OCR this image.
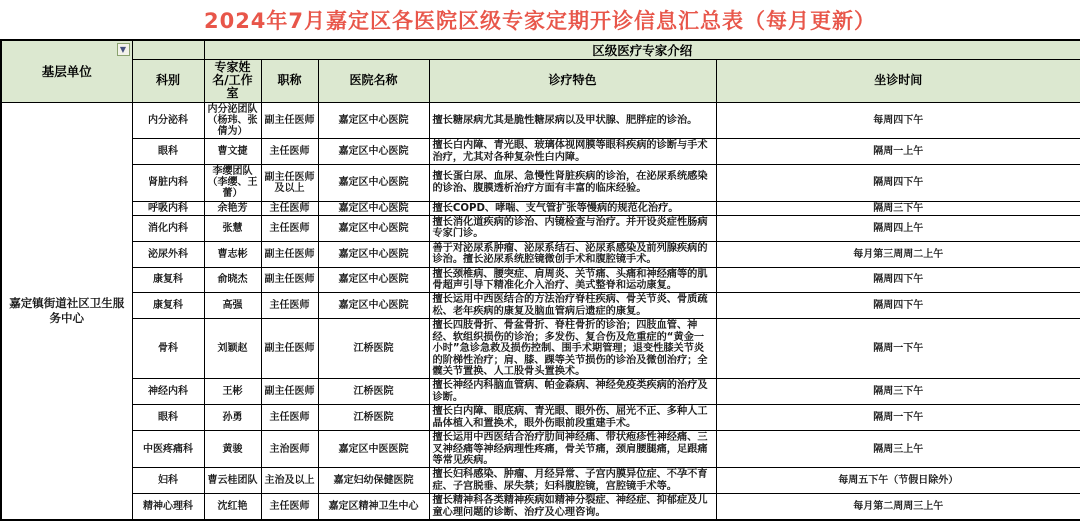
2024年7月嘉定区各医院区级专家定期开诊信息汇总表（每月更新）
基层单位
▼		区级医疗专家介绍				
	科别	专家姓名/工作室	职称	医院名称	诊疗特色	坐诊时间
嘉定镇街道社区卫生服务中心	内分泌科	内分泌团队（杨玮、张倩为）	副主任医师	嘉定区中心医院	擅长糖尿病尤其是脆性糖尿病以及甲状腺、肥胖症的诊治。	每周四下午
	眼科	曹文捷	主任医师	嘉定区中心医院	擅长白内障、青光眼、玻璃体视网膜等眼科疾病的诊断与手术治疗，尤其对各种复杂性白内障。	隔周一上午
	肾脏内科	李缨团队（李缨、王蕾）	副主任医师及以上	嘉定区中心医院	擅长蛋白尿、血尿、急慢性肾脏疾病的诊治，在泌尿系统感染的诊治、腹膜透析治疗方面有丰富的临床经验。	隔周四下午
	呼吸内科	余艳芳	主任医师	嘉定区中心医院	擅长COPD、哮喘、支气管扩张等慢病的规范化治疗。	隔周三下午
	消化内科	张慧	主任医师	嘉定区中心医院	擅长消化道疾病的诊治、内镜检查与治疗。并开设炎症性肠病专家门诊。	隔周四上午
	泌尿外科	曹志彬	副主任医师	嘉定区中心医院	善于对泌尿系肿瘤、泌尿系结石、泌尿系感染及前列腺疾病的诊治。擅长泌尿系统腔镜微创手术和腹腔镜手术。	每月第三周周二上午
	康复科	俞晓杰	副主任医师	嘉定区中心医院	擅长颈椎病、腰突症、肩周炎、关节痛、头痛和神经痛等的肌骨超声引导下精准化介入治疗、美式整脊和运动康复。	隔周四下午
	康复科	高强	主任医师	嘉定区中心医院	擅长运用中西医结合的方法治疗脊柱疾病、骨关节炎、骨质疏松、老年疾病的康复及脑血管病后遗症的康复。	隔周四下午
	骨科	刘颖赵	副主任医师	江桥医院	擅长四肢骨折、骨盆骨折、脊柱骨折的诊治；四肢血管、神经、软组织损伤的诊治；多发伤、复合伤及危重症的“黄金一小时”急诊急救及损伤控制、围手术期管理；退变性膝关节炎的阶梯性治疗；肩、膝、踝等关节损伤的诊治及微创治疗；全髋关节置换、人工股骨头置换术。	隔周一下午
	神经内科	王彬	副主任医师	江桥医院	擅长神经内科脑血管病、帕金森病、神经免疫类疾病的治疗及诊断。	隔周三下午
	眼科	孙勇	主任医师	江桥医院	擅长白内障、眼底病、青光眼、眼外伤、屈光不正、多种人工晶体植入和置换术，眼外伤眼前段重建手术。	隔周一下午
	中医疼痛科	黄骏	主治医师	嘉定区中医医院	擅长运用中西医结合治疗肋间神经痛、带状疱疹性神经痛、三叉神经痛等神经病理性疼痛，骨关节痛，颈肩腰腿痛，足跟痛等常见疾病。	隔周三上午
	妇科	曹云桂团队	主治及以上	嘉定妇幼保健医院	擅长妇科感染、肿瘤、月经异常、子宫内膜异位症、不孕不育症、子宫脱垂、尿失禁；妇科腹腔镜，宫腔镜手术等。	每周五下午（节假日除外）
	精神心理科	沈红艳	主任医师	嘉定区精神卫生中心	擅长精神科各类精神疾病如精神分裂症、神经症、抑郁症及儿童心理问题的诊断、治疗及心理咨询。	每月第二周周三上午
